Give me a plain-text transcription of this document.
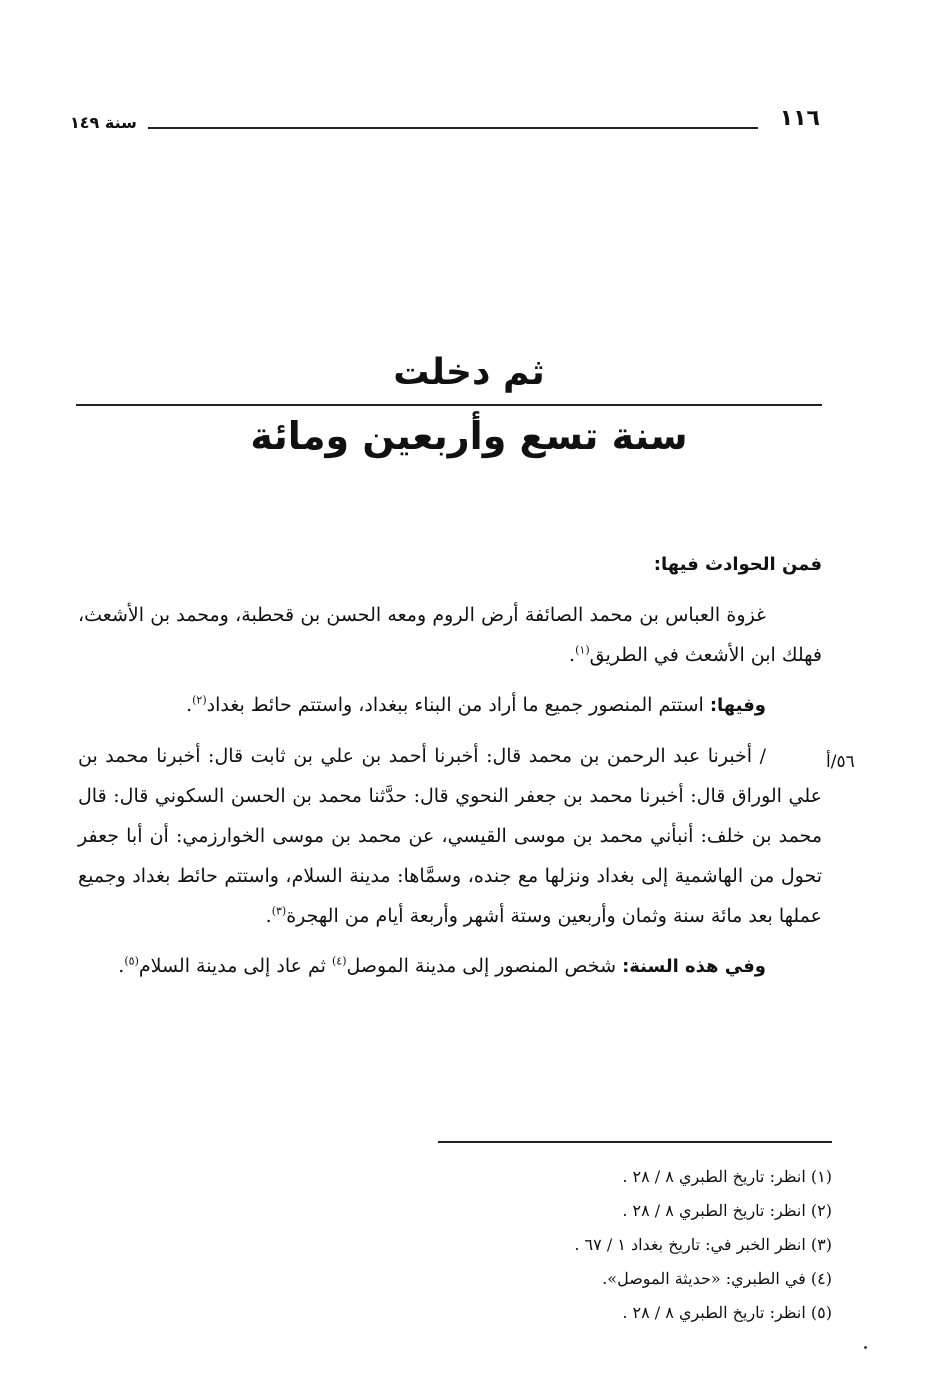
١١٦
سنة ١٤٩
ثم دخلت
سنة تسع وأربعين ومائة

فمن الحوادث فيها:

غزوة العباس بن محمد الصائفة أرض الروم ومعه الحسن بن قحطبة، ومحمد بن الأشعث، فهلك ابن الأشعث في الطريق$^{(١)}$.

وفيها: استتم المنصور جميع ما أراد من البناء ببغداد، واستتم حائط بغداد$^{(٢)}$.

/ أخبرنا عبد الرحمن بن محمد قال: أخبرنا أحمد بن علي بن ثابت قال: أخبرنا محمد بن علي الوراق قال: أخبرنا محمد بن جعفر النحوي قال: حدَّثنا محمد بن الحسن السكوني قال: قال محمد بن خلف: أنبأني محمد بن موسى القيسي، عن محمد بن موسى الخوارزمي: أن أبا جعفر تحول من الهاشمية إلى بغداد ونزلها مع جنده، وسمَّاها: مدينة السلام، واستتم حائط بغداد وجميع عملها بعد مائة سنة وثمان وأربعين وستة أشهر وأربعة أيام من الهجرة$^{(٣)}$.

وفي هذه السنة: شخص المنصور إلى مدينة الموصل$^{(٤)}$ ثم عاد إلى مدينة السلام$^{(٥)}$.

٥٦/أ
(١) انظر: تاريخ الطبري ٨ / ٢٨ .
(٢) انظر: تاريخ الطبري ٨ / ٢٨ .
(٣) انظر الخبر في: تاريخ بغداد ١ / ٦٧ .
(٤) في الطبري: «حديثة الموصل».
(٥) انظر: تاريخ الطبري ٨ / ٢٨ .
